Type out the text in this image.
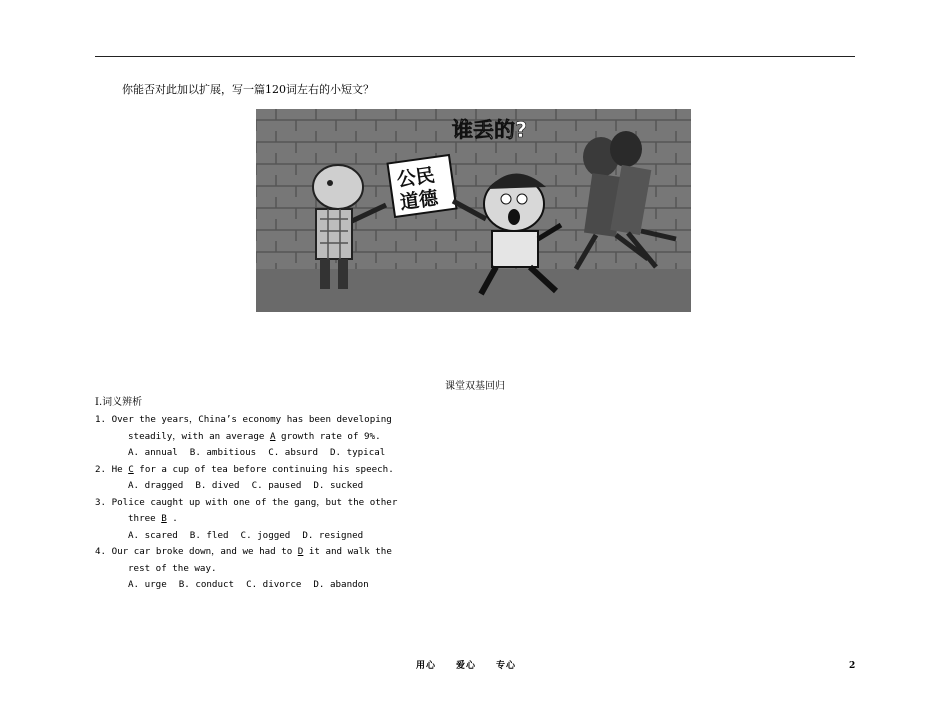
你能否对此加以扩展，写一篇120词左右的小短文？
公民
道德
谁丢的?
课堂双基回归
Ⅰ.词义辨析
1. Over the years，China’s economy has been developing
steadily，with an average A growth rate of 9%.
A. annual B. ambitious C. absurd D. typical
2. He C for a cup of tea before continuing his speech.
A. dragged B. dived C. paused D. sucked
3. Police caught up with one of the gang，but the other
three B .
A. scared B. fled C. jogged D. resigned
4. Our car broke down，and we had to D it and walk the
rest of the way.
A. urge B. conduct C. divorce D. abandon
用心 爱心 专心	2
